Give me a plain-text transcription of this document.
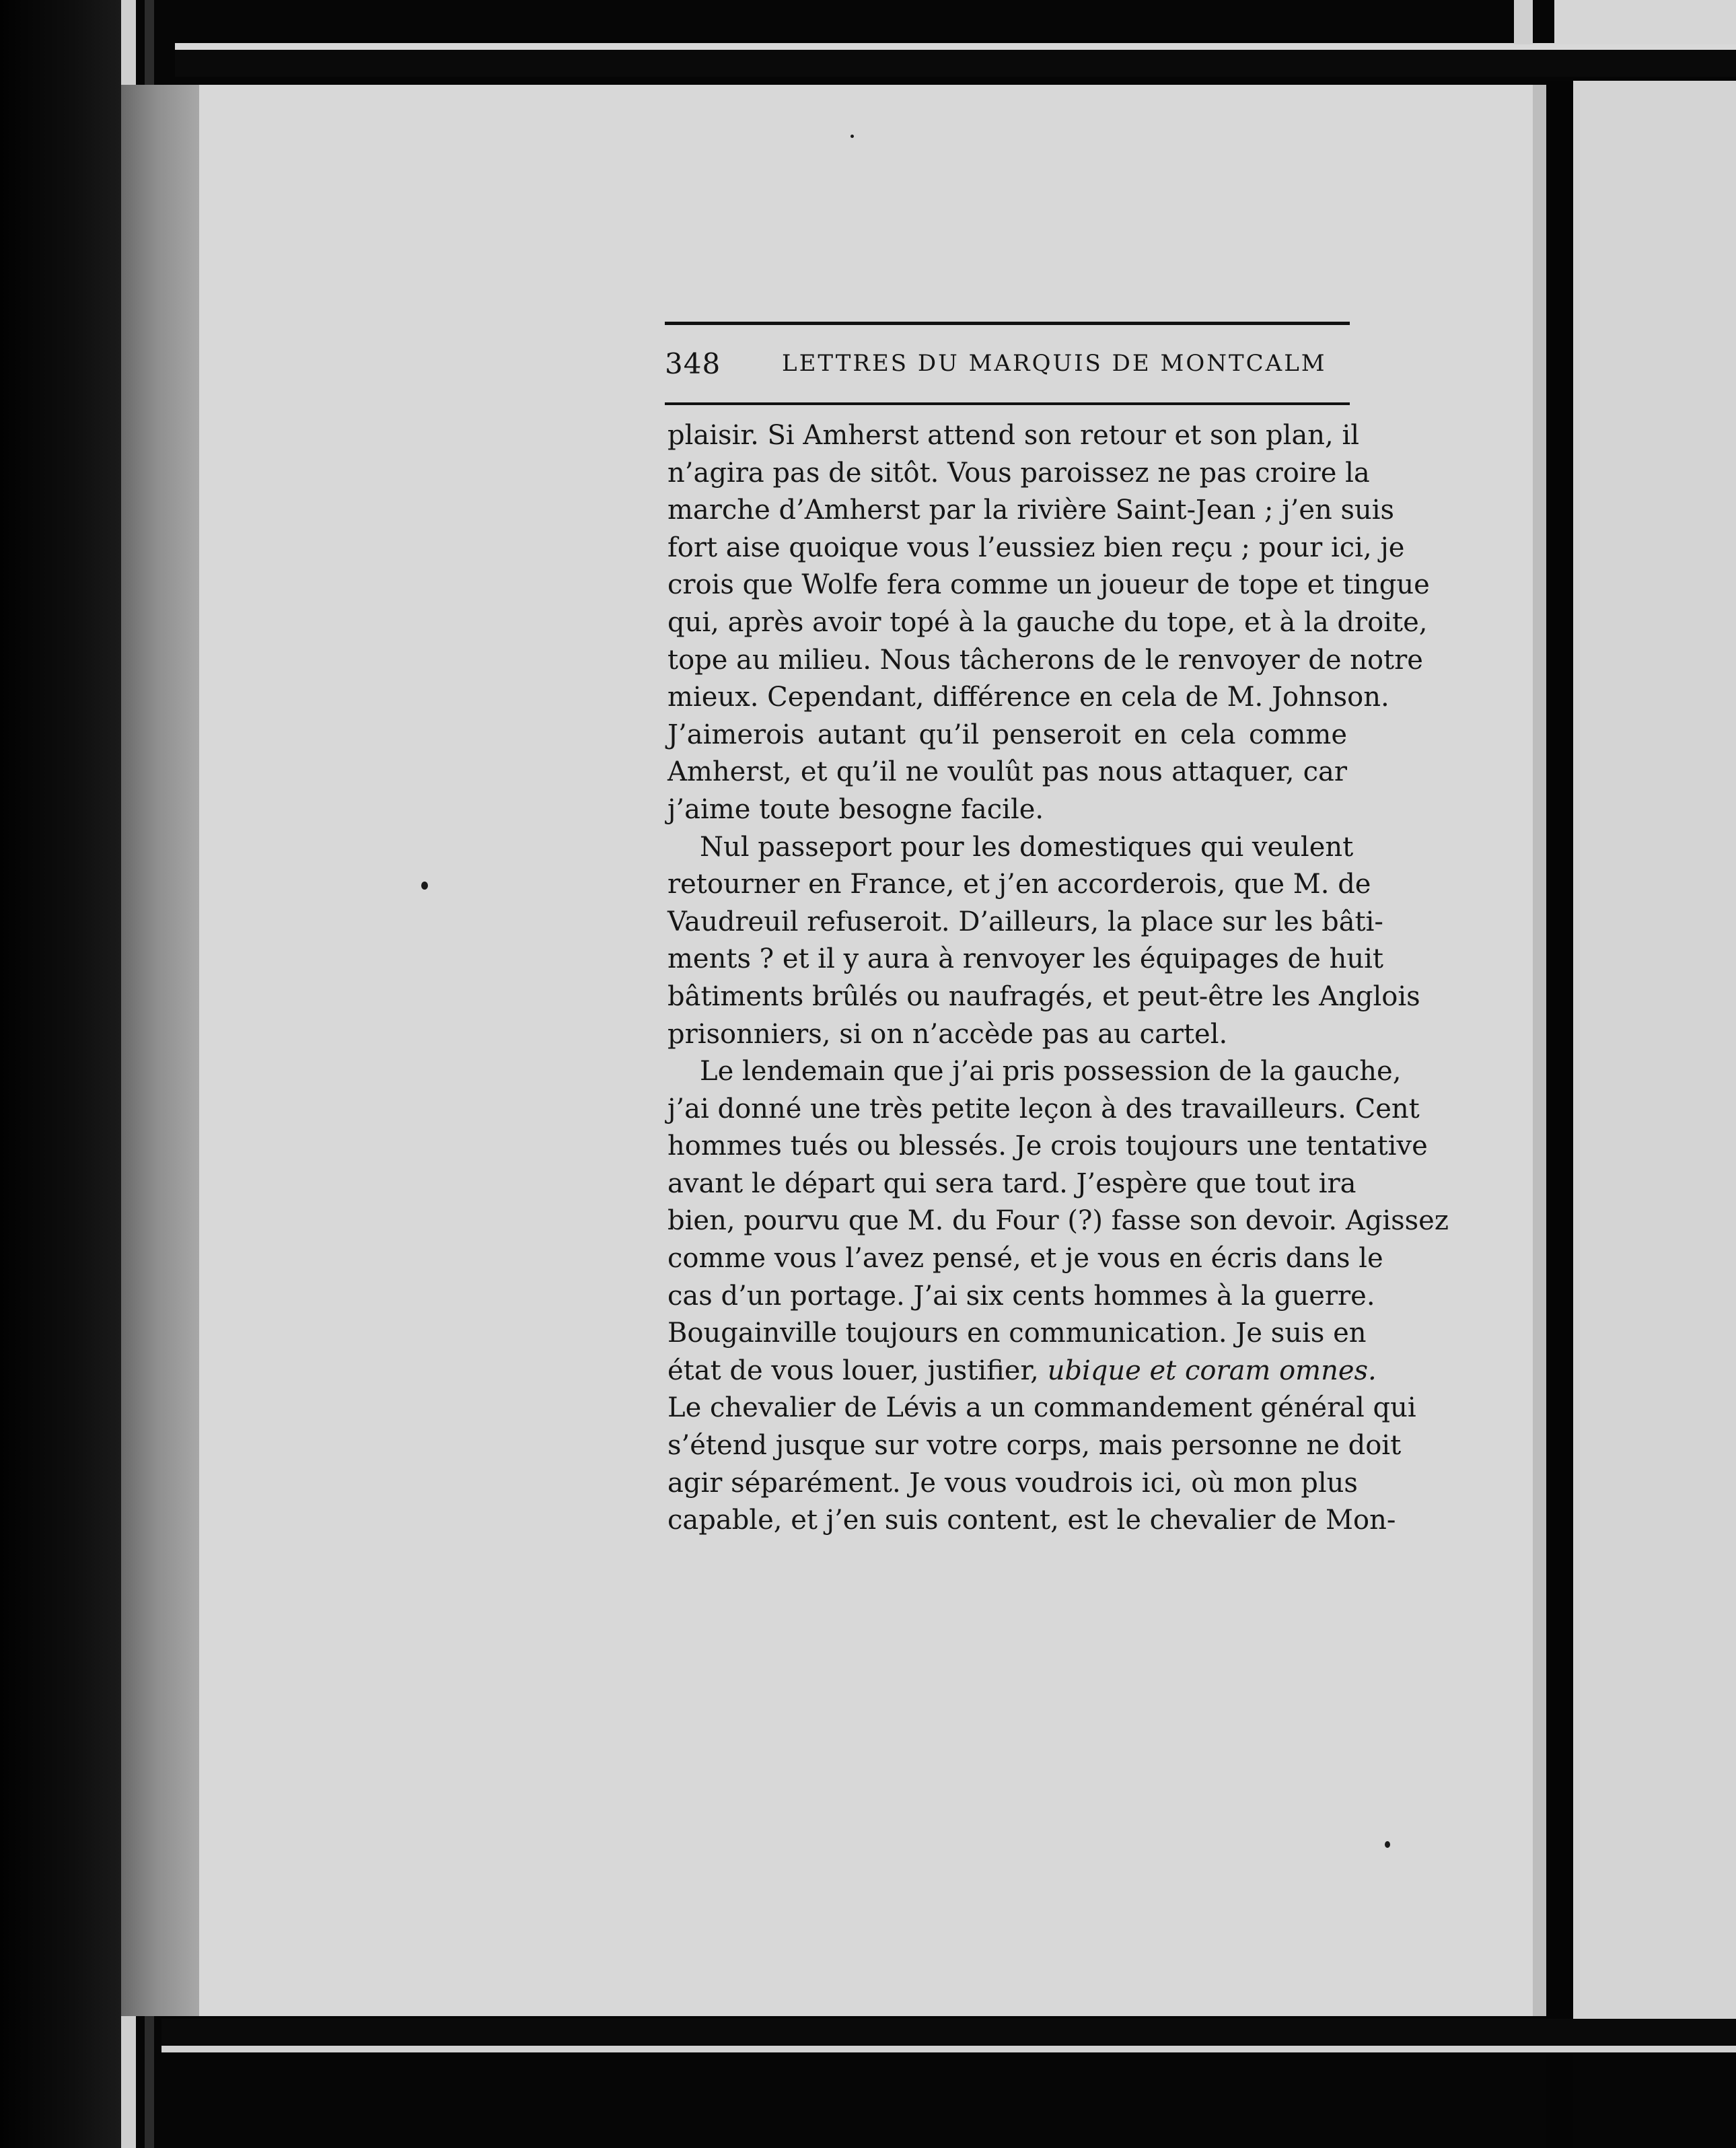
348	LETTRES DU MARQUIS DE MONTCALM
plaisir. Si Amherst attend son retour et son plan, il
n’agira pas de sitôt. Vous paroissez ne pas croire la
marche d’Amherst par la rivière Saint-Jean ; j’en suis
fort aise quoique vous l’eussiez bien reçu ; pour ici, je
crois que Wolfe fera comme un joueur de tope et tingue
qui, après avoir topé à la gauche du tope, et à la droite,
tope au milieu. Nous tâcherons de le renvoyer de notre
mieux. Cependant, différence en cela de M. Johnson.
J’aimerois autant qu’il penseroit en cela comme
Amherst, et qu’il ne voulût pas nous attaquer, car
j’aime toute besogne facile.
Nul passeport pour les domestiques qui veulent
retourner en France, et j’en accorderois, que M. de
Vaudreuil refuseroit. D’ailleurs, la place sur les bâti-
ments ? et il y aura à renvoyer les équipages de huit
bâtiments brûlés ou naufragés, et peut-être les Anglois
prisonniers, si on n’accède pas au cartel.
Le lendemain que j’ai pris possession de la gauche,
j’ai donné une très petite leçon à des travailleurs. Cent
hommes tués ou blessés. Je crois toujours une tentative
avant le départ qui sera tard. J’espère que tout ira
bien, pourvu que M. du Four (?) fasse son devoir. Agissez
comme vous l’avez pensé, et je vous en écris dans le
cas d’un portage. J’ai six cents hommes à la guerre.
Bougainville toujours en communication. Je suis en
état de vous louer, justifier, ubique et coram omnes.
Le chevalier de Lévis a un commandement général qui
s’étend jusque sur votre corps, mais personne ne doit
agir séparément. Je vous voudrois ici, où mon plus
capable, et j’en suis content, est le chevalier de Mon-
